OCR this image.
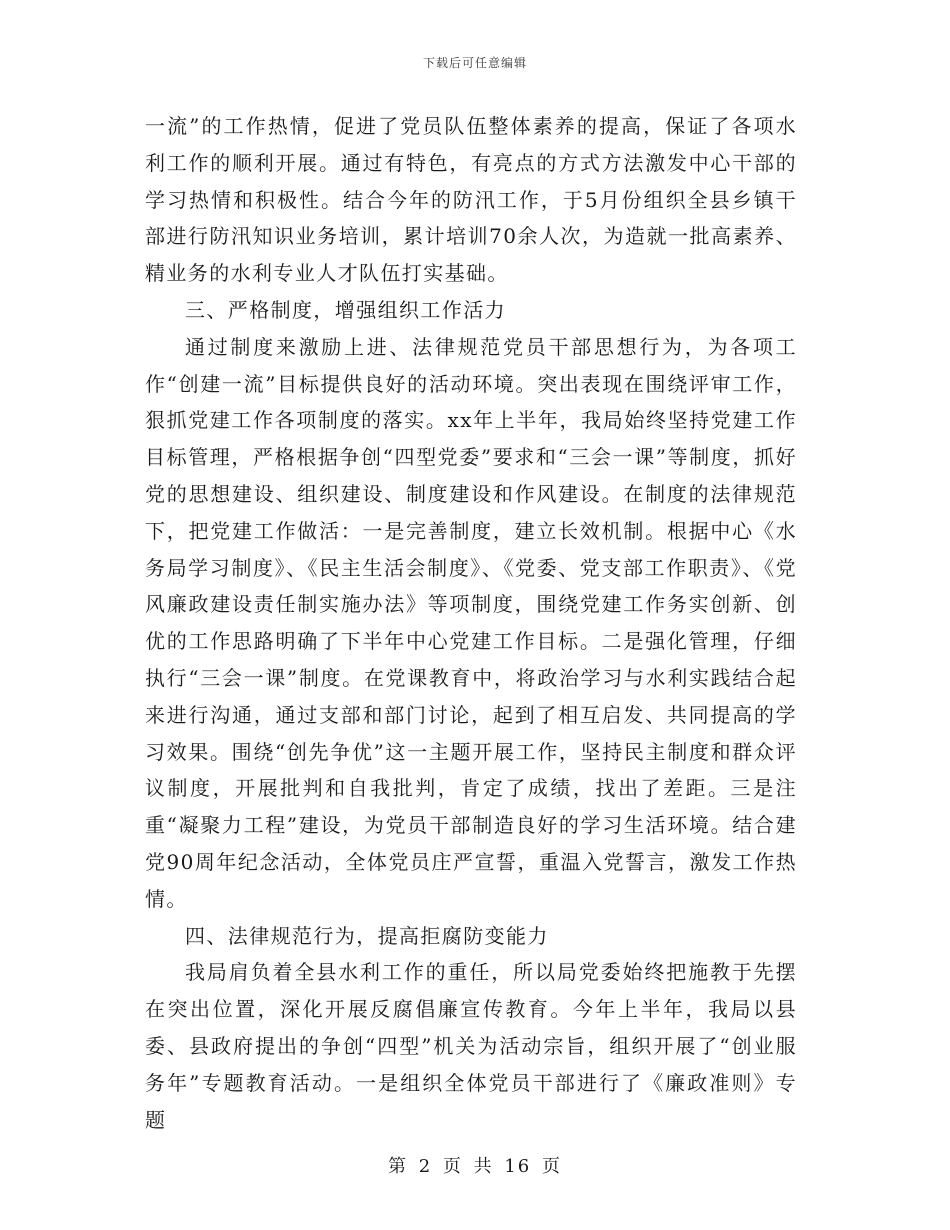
下载后可任意编辑

一流”的工作热情，促进了党员队伍整体素养的提高，保证了各项水利工作的顺利开展。通过有特色，有亮点的方式方法激发中心干部的学习热情和积极性。结合今年的防汛工作，于5月份组织全县乡镇干部进行防汛知识业务培训，累计培训70余人次，为造就一批高素养、精业务的水利专业人才队伍打实基础。

三、严格制度，增强组织工作活力

通过制度来激励上进、法律规范党员干部思想行为，为各项工作“创建一流”目标提供良好的活动环境。突出表现在围绕评审工作，狠抓党建工作各项制度的落实。xx年上半年，我局始终坚持党建工作目标管理，严格根据争创“四型党委”要求和“三会一课”等制度，抓好党的思想建设、组织建设、制度建设和作风建设。在制度的法律规范下，把党建工作做活：一是完善制度，建立长效机制。根据中心《水务局学习制度》、《民主生活会制度》、《党委、党支部工作职责》、《党风廉政建设责任制实施办法》等项制度，围绕党建工作务实创新、创优的工作思路明确了下半年中心党建工作目标。二是强化管理，仔细执行“三会一课”制度。在党课教育中，将政治学习与水利实践结合起来进行沟通，通过支部和部门讨论，起到了相互启发、共同提高的学习效果。围绕“创先争优”这一主题开展工作，坚持民主制度和群众评议制度，开展批判和自我批判，肯定了成绩，找出了差距。三是注重“凝聚力工程”建设，为党员干部制造良好的学习生活环境。结合建党90周年纪念活动，全体党员庄严宣誓，重温入党誓言，激发工作热情。

四、法律规范行为，提高拒腐防变能力

我局肩负着全县水利工作的重任，所以局党委始终把施教于先摆在突出位置，深化开展反腐倡廉宣传教育。今年上半年，我局以县委、县政府提出的争创“四型”机关为活动宗旨，组织开展了“创业服务年”专题教育活动。一是组织全体党员干部进行了《廉政准则》专题

第 2 页 共 16 页
